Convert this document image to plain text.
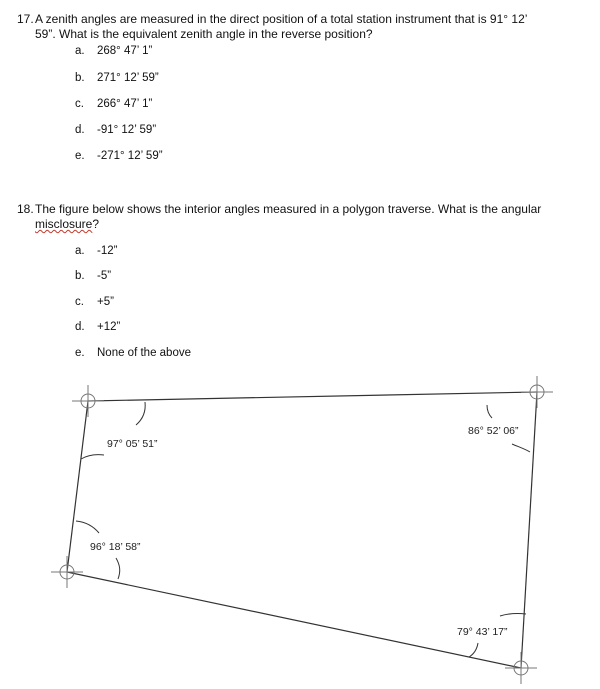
17. A zenith angles are measured in the direct position of a total station instrument that is 91° 12’
59”. What is the equivalent zenith angle in the reverse position?
a. 268° 47’ 1”
b. 271° 12’ 59”
c. 266° 47’ 1”
d. -91° 12’ 59”
e. -271° 12’ 59”
18. The figure below shows the interior angles measured in a polygon traverse. What is the angular
misclosure?
a. -12”
b. -5”
c. +5”
d. +12”
e. None of the above
97° 05’ 51”
86° 52’ 06”
96° 18’ 58”
79° 43’ 17”
